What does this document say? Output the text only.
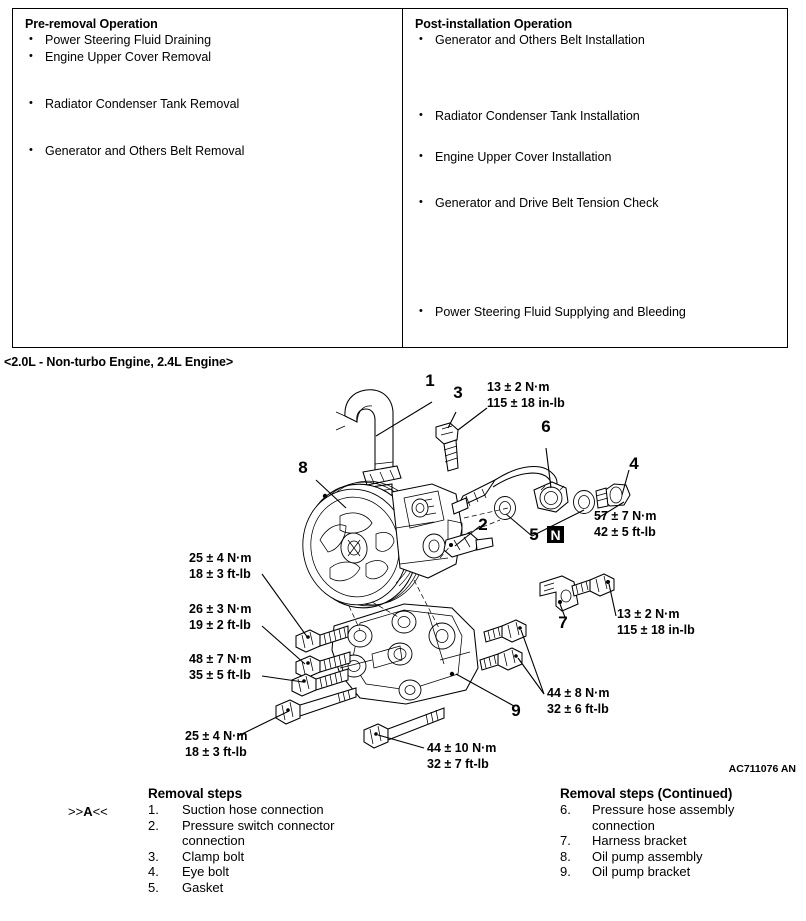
Pre-removal Operation
• Power Steering Fluid Draining
• Engine Upper Cover Removal
• Radiator Condenser Tank Removal
• Generator and Others Belt Removal
Post-installation Operation
• Generator and Others Belt Installation
• Radiator Condenser Tank Installation
• Engine Upper Cover Installation
• Generator and Drive Belt Tension Check
• Power Steering Fluid Supplying and Bleeding
<2.0L - Non-turbo Engine, 2.4L Engine>
1
2
3
4
5
6
7
8
9
N
13 ± 2 N·m
115 ± 18 in-lb
57 ± 7 N·m
42 ± 5 ft-lb
13 ± 2 N·m
115 ± 18 in-lb
44 ± 8 N·m
32 ± 6 ft-lb
25 ± 4 N·m
18 ± 3 ft-lb
26 ± 3 N·m
19 ± 2 ft-lb
48 ± 7 N·m
35 ± 5 ft-lb
25 ± 4 N·m
18 ± 3 ft-lb	44 ± 10 N·m
32 ± 7 ft-lb	AC711076 AN
>>A<<
Removal steps
1.	Suction hose connection
2.	Pressure switch connector
connection
3.	Clamp bolt
4.	Eye bolt
5.	Gasket
Removal steps (Continued)
6.	Pressure hose assembly
connection
7.	Harness bracket
8.	Oil pump assembly
9.	Oil pump bracket
